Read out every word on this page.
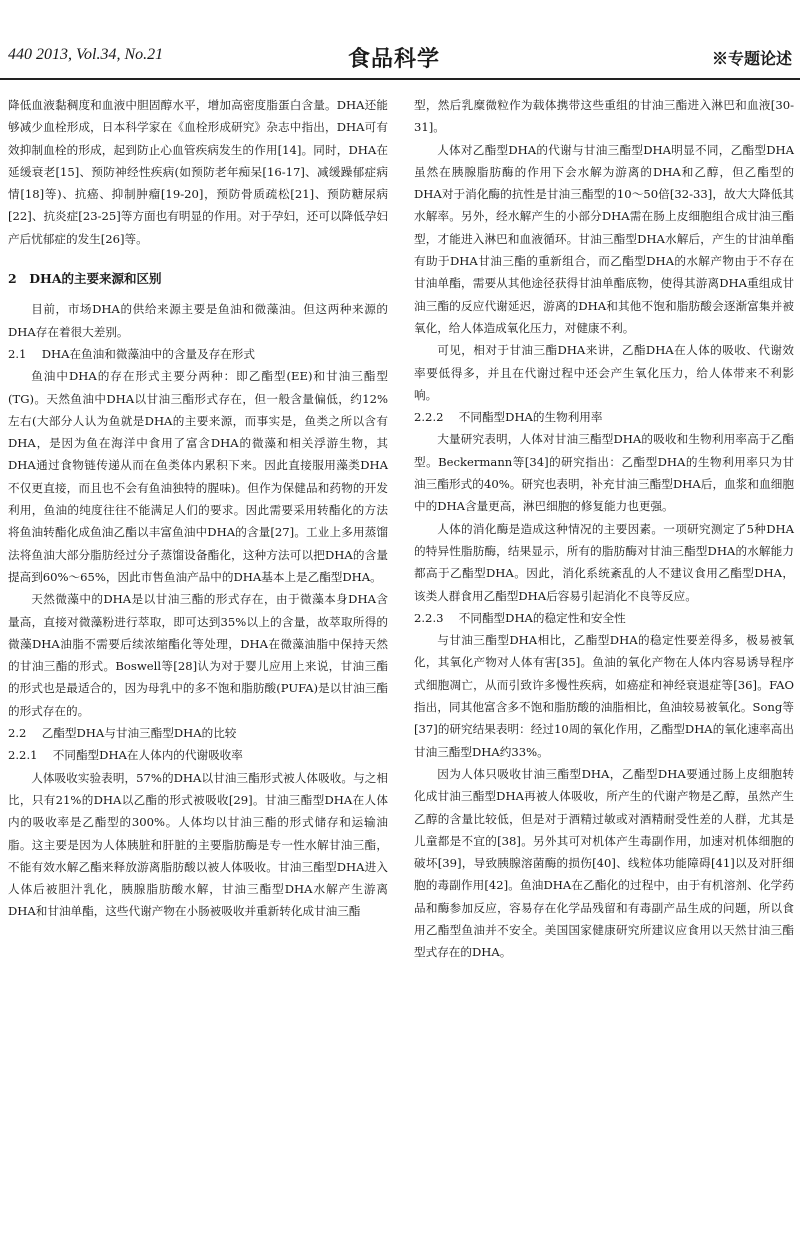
440 2013, Vol.34, No.21	食品科学	※专题论述

降低血液黏稠度和血液中胆固醇水平，增加高密度脂蛋白含量。DHA还能够减少血栓形成，日本科学家在《血栓形成研究》杂志中指出，DHA可有效抑制血栓的形成，起到防止心血管疾病发生的作用[14]。同时，DHA在延缓衰老[15]、预防神经性疾病(如预防老年痴呆[16-17]、减缓躁郁症病情[18]等)、抗癌、抑制肿瘤[19-20]，预防骨质疏松[21]、预防糖尿病[22]、抗炎症[23-25]等方面也有明显的作用。对于孕妇，还可以降低孕妇产后忧郁症的发生[26]等。

2　DHA的主要来源和区别

目前，市场DHA的供给来源主要是鱼油和微藻油。但这两种来源的DHA存在着很大差别。

2.1　 DHA在鱼油和微藻油中的含量及存在形式

鱼油中DHA的存在形式主要分两种：即乙酯型(EE)和甘油三酯型(TG)。天然鱼油中DHA以甘油三酯形式存在，但一般含量偏低，约12%左右(大部分人认为鱼就是DHA的主要来源，而事实是，鱼类之所以含有DHA，是因为鱼在海洋中食用了富含DHA的微藻和相关浮游生物，其DHA通过食物链传递从而在鱼类体内累积下来。因此直接服用藻类DHA不仅更直接，而且也不会有鱼油独特的腥味)。但作为保健品和药物的开发利用，鱼油的纯度往往不能满足人们的要求。因此需要采用转酯化的方法将鱼油转酯化成鱼油乙酯以丰富鱼油中DHA的含量[27]。工业上多用蒸馏法将鱼油大部分脂肪经过分子蒸馏设备酯化，这种方法可以把DHA的含量提高到60%～65%，因此市售鱼油产品中的DHA基本上是乙酯型DHA。

天然微藻中的DHA是以甘油三酯的形式存在，由于微藻本身DHA含量高，直接对微藻粉进行萃取，即可达到35%以上的含量，故萃取所得的微藻DHA油脂不需要后续浓缩酯化等处理，DHA在微藻油脂中保持天然的甘油三酯的形式。Boswell等[28]认为对于婴儿应用上来说，甘油三酯的形式也是最适合的，因为母乳中的多不饱和脂肪酸(PUFA)是以甘油三酯的形式存在的。

2.2　 乙酯型DHA与甘油三酯型DHA的比较
2.2.1　 不同酯型DHA在人体内的代谢吸收率

人体吸收实验表明，57%的DHA以甘油三酯形式被人体吸收。与之相比，只有21%的DHA以乙酯的形式被吸收[29]。甘油三酯型DHA在人体内的吸收率是乙酯型的300%。人体均以甘油三酯的形式储存和运输油脂。这主要是因为人体胰脏和肝脏的主要脂肪酶是专一性水解甘油三酯，不能有效水解乙酯来释放游离脂肪酸以被人体吸收。甘油三酯型DHA进入人体后被胆汁乳化，胰腺脂肪酸水解，甘油三酯型DHA水解产生游离DHA和甘油单酯，这些代谢产物在小肠被吸收并重新转化成甘油三酯

型，然后乳糜微粒作为载体携带这些重组的甘油三酯进入淋巴和血液[30-31]。

人体对乙酯型DHA的代谢与甘油三酯型DHA明显不同，乙酯型DHA虽然在胰腺脂肪酶的作用下会水解为游离的DHA和乙醇，但乙酯型的DHA对于消化酶的抗性是甘油三酯型的10～50倍[32-33]，故大大降低其水解率。另外，经水解产生的小部分DHA需在肠上皮细胞组合成甘油三酯型，才能进入淋巴和血液循环。甘油三酯型DHA水解后，产生的甘油单酯有助于DHA甘油三酯的重新组合，而乙酯型DHA的水解产物由于不存在甘油单酯，需要从其他途径获得甘油单酯底物，使得其游离DHA重组成甘油三酯的反应代谢延迟，游离的DHA和其他不饱和脂肪酸会逐渐富集并被氧化，给人体造成氧化压力，对健康不利。

可见，相对于甘油三酯DHA来讲，乙酯DHA在人体的吸收、代谢效率要低得多，并且在代谢过程中还会产生氧化压力，给人体带来不利影响。

2.2.2　 不同酯型DHA的生物利用率

大量研究表明，人体对甘油三酯型DHA的吸收和生物利用率高于乙酯型。Beckermann等[34]的研究指出：乙酯型DHA的生物利用率只为甘油三酯形式的40%。研究也表明，补充甘油三酯型DHA后，血浆和血细胞中的DHA含量更高，淋巴细胞的修复能力也更强。

人体的消化酶是造成这种情况的主要因素。一项研究测定了5种DHA的特异性脂肪酶，结果显示，所有的脂肪酶对甘油三酯型DHA的水解能力都高于乙酯型DHA。因此，消化系统紊乱的人不建议食用乙酯型DHA，该类人群食用乙酯型DHA后容易引起消化不良等反应。

2.2.3　 不同酯型DHA的稳定性和安全性

与甘油三酯型DHA相比，乙酯型DHA的稳定性要差得多，极易被氧化，其氧化产物对人体有害[35]。鱼油的氧化产物在人体内容易诱导程序式细胞凋亡，从而引致许多慢性疾病，如癌症和神经衰退症等[36]。FAO指出，同其他富含多不饱和脂肪酸的油脂相比，鱼油较易被氧化。Song等[37]的研究结果表明：经过10周的氧化作用，乙酯型DHA的氧化速率高出甘油三酯型DHA约33%。

因为人体只吸收甘油三酯型DHA，乙酯型DHA要通过肠上皮细胞转化成甘油三酯型DHA再被人体吸收，所产生的代谢产物是乙醇，虽然产生乙醇的含量比较低，但是对于酒精过敏或对酒精耐受性差的人群，尤其是儿童都是不宜的[38]。另外其可对机体产生毒副作用，加速对机体细胞的破坏[39]，导致胰腺溶菌酶的损伤[40]、线粒体功能障碍[41]以及对肝细胞的毒副作用[42]。鱼油DHA在乙酯化的过程中，由于有机溶剂、化学药品和酶参加反应，容易存在化学品残留和有毒副产品生成的问题，所以食用乙酯型鱼油并不安全。美国国家健康研究所建议应食用以天然甘油三酯型式存在的DHA。
